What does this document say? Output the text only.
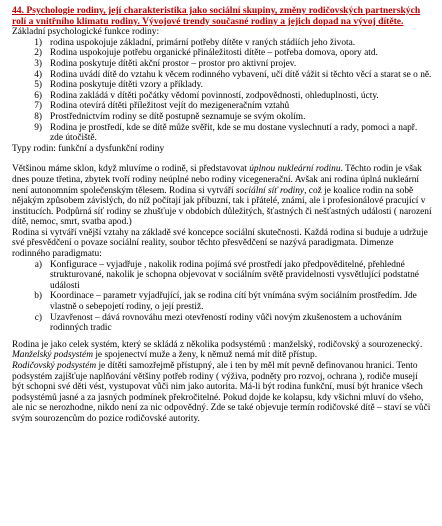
44. Psychologie rodiny, její charakteristika jako sociální skupiny, změny rodičovských partnerských rolí a vnitřního klimatu rodiny. Vývojové trendy současné rodiny a jejich dopad na vývoj dítěte.

Základní psychologické funkce rodiny:

1) rodina uspokojuje základní, primární potřeby dítěte v raných stádiích jeho života.
2) Rodina uspokojuje potřebu organické přináležitosti dítěte – potřeba domova, opory atd.
3) Rodina poskytuje dítěti akční prostor – prostor pro aktivní projev.
4) Rodina uvádí dítě do vztahu k věcem rodinného vybavení, učí dítě vážit si těchto věcí a starat se o ně.
5) Rodina poskytuje dítěti vzory a příklady.
6) Rodina zakládá v dítěti počátky vědomí povinností, zodpovědnosti, ohleduplnosti, úcty.
7) Rodina otevírá dítěti příležitost vejít do mezigeneračním vztahů
8) Prostřednictvím rodiny se dítě postupně seznamuje se svým okolím.
9) Rodina je prostředí, kde se dítě může svěřit, kde se mu dostane vyslechnutí a rady, pomoci a např. zde útočiště.

Typy rodin: funkční a dysfunkční rodiny

Většinou máme sklon, když mluvíme o rodině, si představovat úplnou nukleární rodinu. Těchto rodin je však dnes pouze třetina, zbytek tvoří rodiny neúplné nebo rodiny vicegenerační. Avšak ani rodina úplná nukleární není autonomním společenským tělesem. Rodina si vytváří sociální síť rodiny, což je koalice rodin na sobě nějakým způsobem závislých, do níž počítají jak příbuzní, tak i přátelé, známí, ale i profesionálové pracující v institucích. Podpůrná síť rodiny se zhušťuje v obdobích důležitých, šťastných či nešťastných události ( narození dítě, nemoc, smrt, svatba apod.)

Rodina si vytváří vnější vztahy na základě své koncepce sociální skutečnosti. Každá rodina si buduje a udržuje své přesvědčení o povaze sociální reality, soubor těchto přesvědčení se nazývá paradigmata. Dimenze rodinného paradigmatu:

a) Konfigurace – vyjadřuje , nakolik rodina pojímá své prostředí jako předpověditelné, přehledné strukturované, nakolik je schopna objevovat v sociálním světě pravidelnosti vysvětlující podstatné události
b) Koordinace – parametr vyjadřující, jak se rodina cítí být vnímána svým sociálním prostředím. Jde vlastně o sebepojetí rodiny, o její prestiž.
c) Uzavřenost – dává rovnováhu mezi otevřeností rodiny vůči novým zkušenostem a uchováním rodinných tradic

Rodina je jako celek systém, který se skládá z několika podsystémů : manželský, rodičovský a sourozenecký.

Manželský podsystém je spojenectví muže a ženy, k němuž nemá mít dítě přístup.

Rodičovský podsystém je dítěti samozřejmě přístupný, ale i ten by měl mít pevně definovanou hranici. Tento podsystém zajišťuje naplňování většiny potřeb rodiny ( výživa, podněty pro rozvoj, ochrana ), rodiče musejí být schopni své děti vést, vystupovat vůči nim jako autorita. Má-li být rodina funkční, musí být hranice všech podsystémů jasné a za jasných podmínek překročitelné. Pokud dojde ke kolapsu, kdy všichni mluví do všeho, ale nic se nerozhodne, nikdo není za nic odpovědný. Zde se také objevuje termín rodičovské dítě – staví se vůči svým sourozencům do pozice rodičovské autority.
